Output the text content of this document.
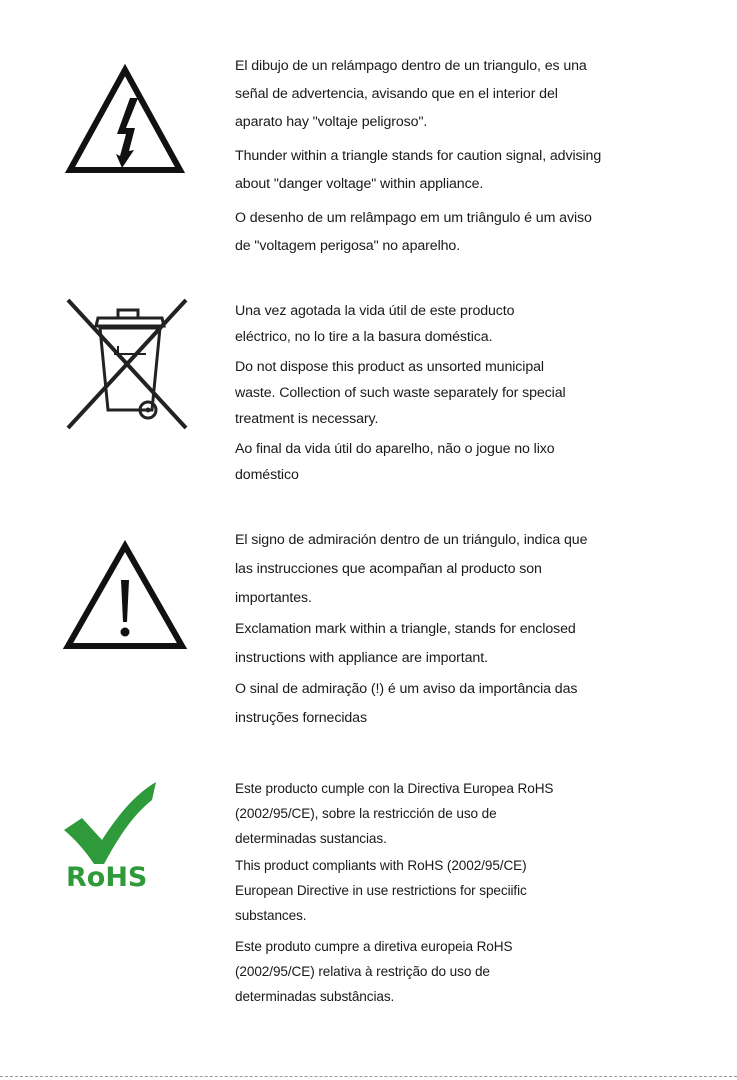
El dibujo de un relámpago dentro de un triangulo, es una
señal de advertencia, avisando que en el interior del
aparato hay "voltaje peligroso".

Thunder within a triangle stands for caution signal, advising
about "danger voltage" within appliance.

O desenho de um relâmpago em um triângulo é um aviso
de "voltagem perigosa" no aparelho.

Una vez agotada la vida útil de este producto
eléctrico, no lo tire a la basura doméstica.

Do not dispose this product as unsorted municipal
waste. Collection of such waste separately for special
treatment is necessary.

Ao final da vida útil do aparelho, não o jogue no lixo
doméstico

El signo de admiración dentro de un triángulo, indica que
las instrucciones que acompañan al producto son
importantes.

Exclamation mark within a triangle, stands for enclosed
instructions with appliance are important.

O sinal de admiração (!) é um aviso da importância das
instruções fornecidas

RoHS

Este producto cumple con la Directiva Europea RoHS
(2002/95/CE), sobre la restricción de uso de
determinadas sustancias.

This product compliants with RoHS (2002/95/CE)
European Directive in use restrictions for speciific
substances.

Este produto cumpre a diretiva europeia RoHS
(2002/95/CE) relativa à restrição do uso de
determinadas substâncias.
